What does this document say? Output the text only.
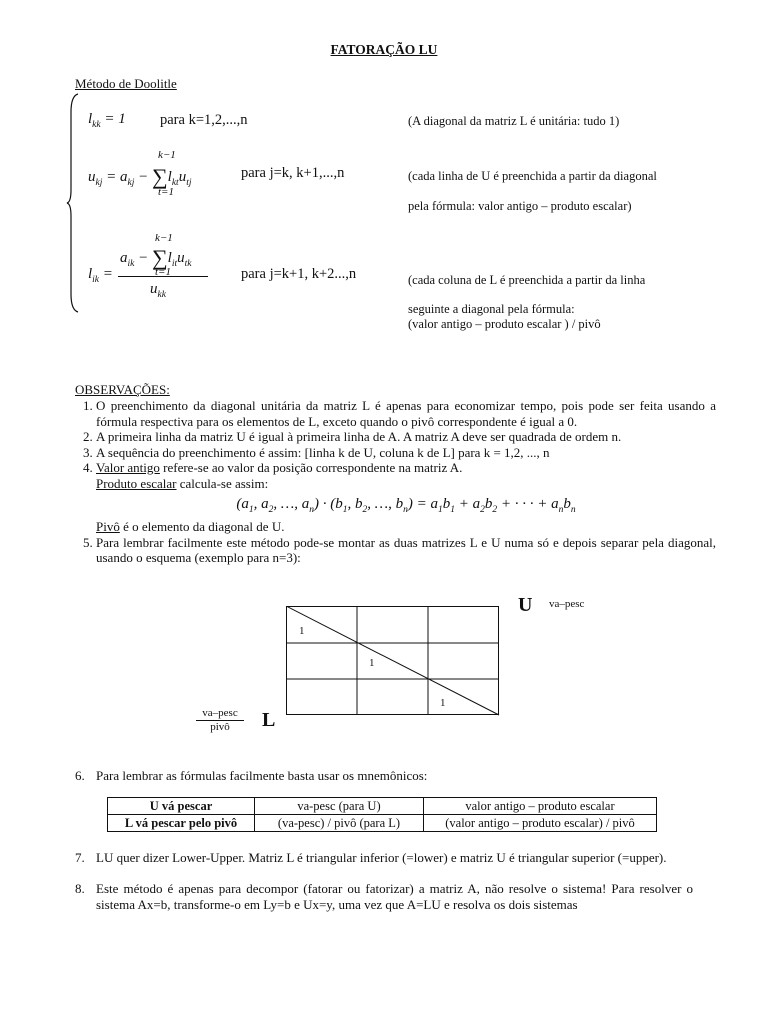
FATORAÇÃO LU
Método de Doolitle
$l_{kk} = 1$ para k=1,2,...,n	(A diagonal da matriz L é unitária: tudo 1)
k−1
$u_{kj} = a_{kj} - \sum l_{kt}u_{tj}$
t=1
para j=k, k+1,...,n	(cada linha de U é preenchida a partir da diagonal
pela fórmula: valor antigo – produto escalar)
k−1
$a_{ik} - \sum l_{it}u_{tk}$
t=1
$l_{ik}$ =
$u_{kk}$
para j=k+1, k+2...,n	(cada coluna de L é preenchida a partir da linha
seguinte a diagonal pela fórmula:
(valor antigo – produto escalar ) / pivô
OBSERVAÇÕES:
1. O preenchimento da diagonal unitária da matriz L é apenas para economizar tempo, pois pode ser feita usando a fórmula respectiva para os elementos de L, exceto quando o pivô correspondente é igual a 0.
2. A primeira linha da matriz U é igual à primeira linha de A. A matriz A deve ser quadrada de ordem n.
3. A sequência do preenchimento é assim: [linha k de U, coluna k de L] para k = 1,2, ..., n
4. Valor antigo refere-se ao valor da posição correspondente na matriz A.
Produto escalar calcula-se assim:
($a_1$, $a_2$, …, $a_n) \cdot (b_1$, $b_2$, …, $b_n) = a_1b_1 + a_2b_2$ + · · · + $a_nb_n$
Pivô é o elemento da diagonal de U.
5. Para lembrar facilmente este método pode-se montar as duas matrizes L e U numa só e depois separar pela diagonal, usando o esquema (exemplo para n=3):
1
1
1
U va–pesc
L
va–pesc
pivô
6. Para lembrar as fórmulas facilmente basta usar os mnemônicos:
U vá pescar	va-pesc (para U)	valor antigo – produto escalar
L vá pescar pelo pivô	(va-pesc) / pivô (para L)	(valor antigo – produto escalar) / pivô
7. LU quer dizer Lower-Upper. Matriz L é triangular inferior (=lower) e matriz U é triangular superior (=upper).
8. Este método é apenas para decompor (fatorar ou fatorizar) a matriz A, não resolve o sistema! Para resolver o sistema Ax=b, transforme-o em Ly=b e Ux=y, uma vez que A=LU e resolva os dois sistemas
